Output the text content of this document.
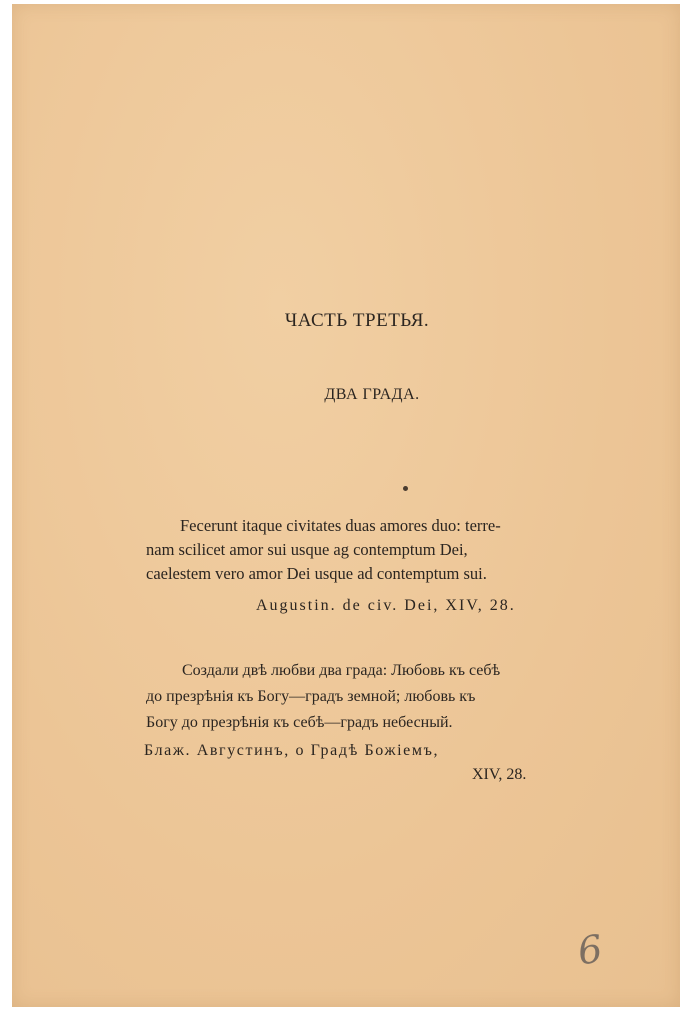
ЧАСТЬ ТРЕТЬЯ.
ДВА ГРАДА.
Fecerunt itaque civitates duas amores duo: terre-
nam scilicet amor sui usque ag contemptum Dei,
caelestem vero amor Dei usque ad contemptum sui.
Augustin. de civ. Dei, XIV, 28.
Создали двѣ любви два града: Любовь къ себѣ
до презрѣнія къ Богу—градъ земной; любовь къ
Богу до презрѣнія къ себѣ—градъ небесный.
Блаж. Августинъ, о Градѣ Божіемъ,
XIV, 28.
6
